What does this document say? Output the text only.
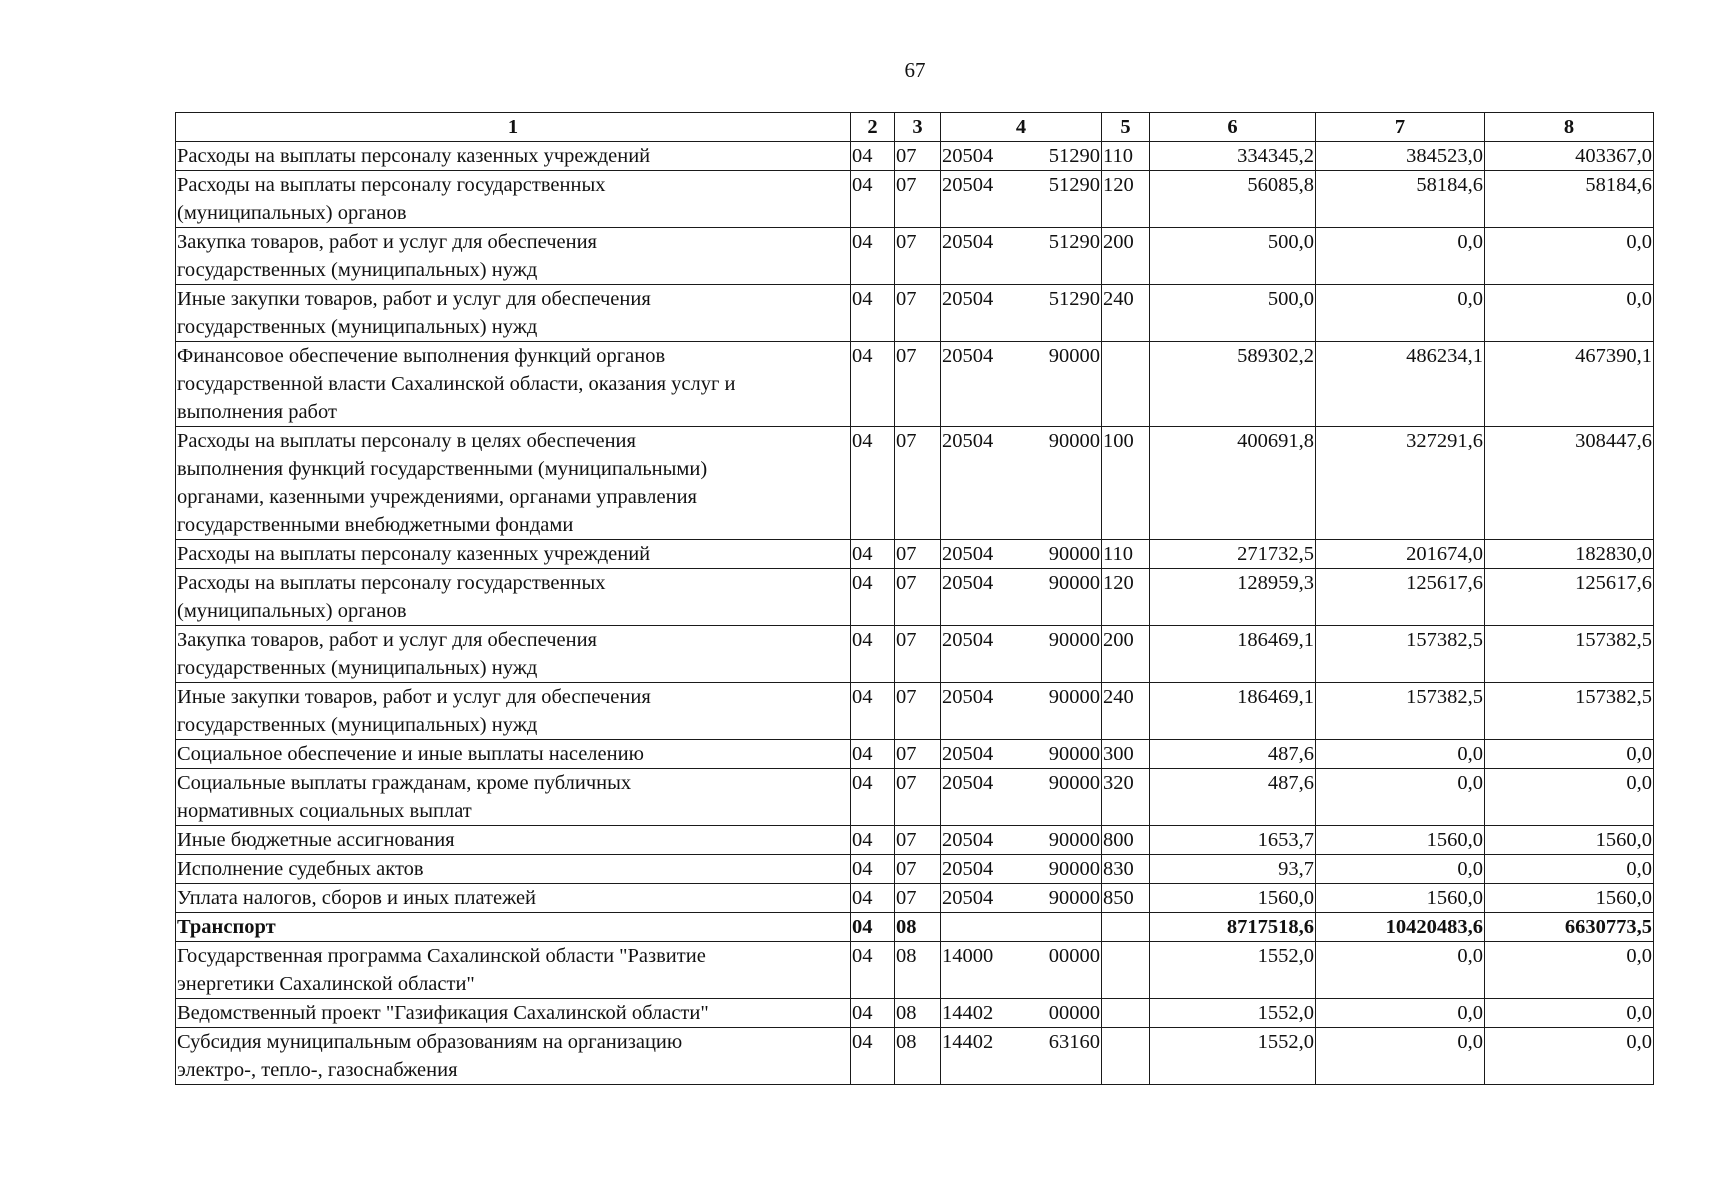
67
1	2	3	4	5	6	7	8
Расходы на выплаты персоналу казенных учреждений	04	07	20504 51290	110	334345,2	384523,0	403367,0
Расходы на выплаты персоналу государственных
(муниципальных) органов	04	07	20504 51290	120	56085,8	58184,6	58184,6
Закупка товаров, работ и услуг для обеспечения
государственных (муниципальных) нужд	04	07	20504 51290	200	500,0	0,0	0,0
Иные закупки товаров, работ и услуг для обеспечения
государственных (муниципальных) нужд	04	07	20504 51290	240	500,0	0,0	0,0
Финансовое обеспечение выполнения функций органов
государственной власти Сахалинской области, оказания услуг и
выполнения работ	04	07	20504 90000		589302,2	486234,1	467390,1
Расходы на выплаты персоналу в целях обеспечения
выполнения функций государственными (муниципальными)
органами, казенными учреждениями, органами управления
государственными внебюджетными фондами	04	07	20504 90000	100	400691,8	327291,6	308447,6
Расходы на выплаты персоналу казенных учреждений	04	07	20504 90000	110	271732,5	201674,0	182830,0
Расходы на выплаты персоналу государственных
(муниципальных) органов	04	07	20504 90000	120	128959,3	125617,6	125617,6
Закупка товаров, работ и услуг для обеспечения
государственных (муниципальных) нужд	04	07	20504 90000	200	186469,1	157382,5	157382,5
Иные закупки товаров, работ и услуг для обеспечения
государственных (муниципальных) нужд	04	07	20504 90000	240	186469,1	157382,5	157382,5
Социальное обеспечение и иные выплаты населению	04	07	20504 90000	300	487,6	0,0	0,0
Социальные выплаты гражданам, кроме публичных
нормативных социальных выплат	04	07	20504 90000	320	487,6	0,0	0,0
Иные бюджетные ассигнования	04	07	20504 90000	800	1653,7	1560,0	1560,0
Исполнение судебных актов	04	07	20504 90000	830	93,7	0,0	0,0
Уплата налогов, сборов и иных платежей	04	07	20504 90000	850	1560,0	1560,0	1560,0
Транспорт	04	08			8717518,6	10420483,6	6630773,5
Государственная программа Сахалинской области "Развитие
энергетики Сахалинской области"	04	08	14000 00000		1552,0	0,0	0,0
Ведомственный проект "Газификация Сахалинской области"	04	08	14402 00000		1552,0	0,0	0,0
Субсидия муниципальным образованиям на организацию
электро-, тепло-, газоснабжения	04	08	14402 63160		1552,0	0,0	0,0
